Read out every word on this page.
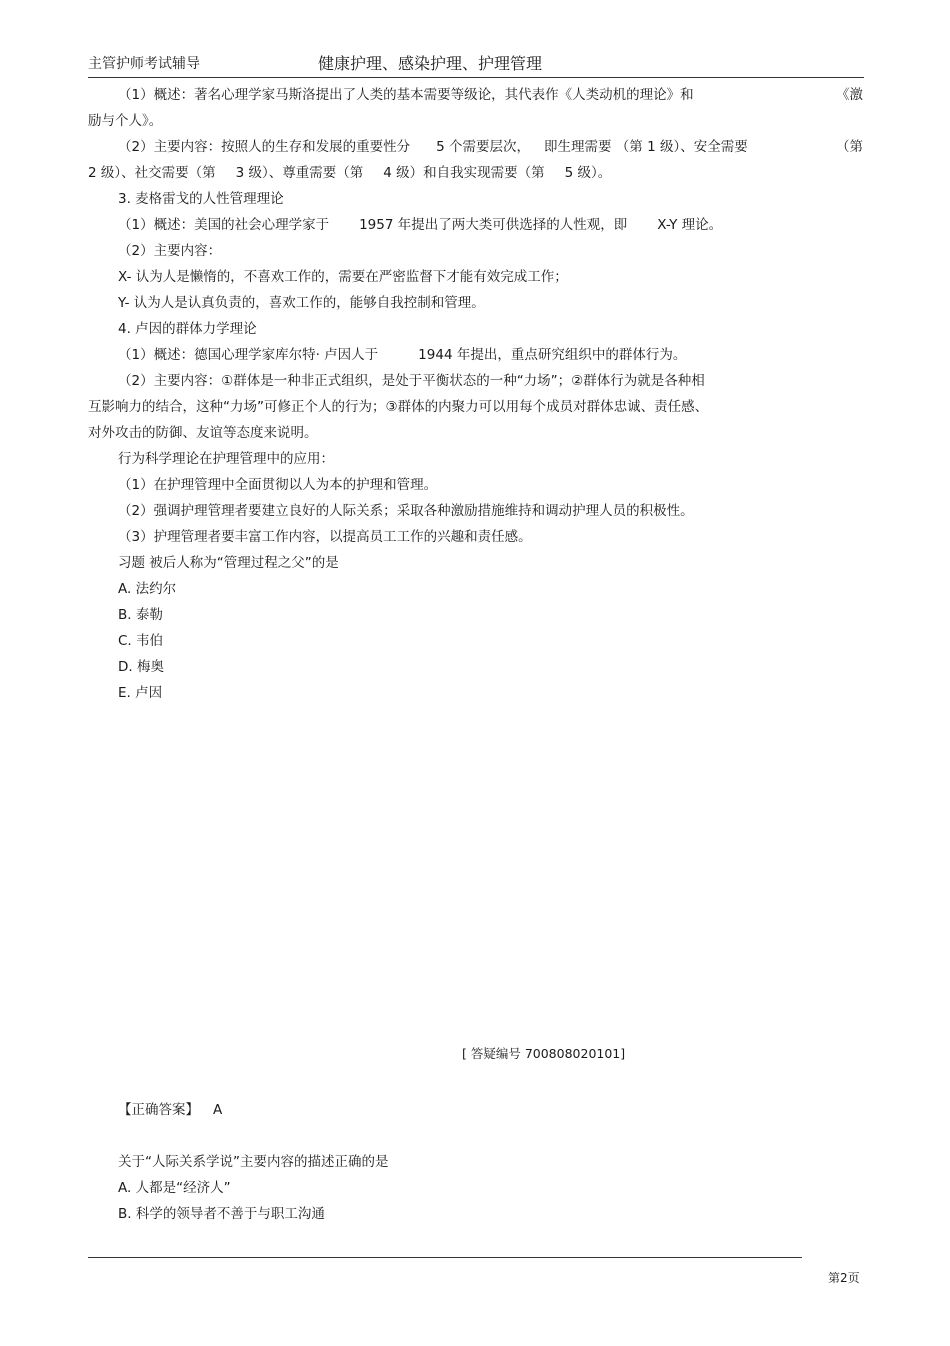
主管护师考试辅导	健康护理、感染护理、护理管理
（1）概述：著名心理学家马斯洛提出了人类的基本需要等级论，其代表作《人类动机的理论》和	《激
励与个人》。
（2）主要内容：按照人的生存和发展的重要性分 5 个需要层次， 即生理需要 （第 1 级）、安全需要	（第
2 级）、社交需要（第 3 级）、尊重需要（第 4 级）和自我实现需要（第 5 级）。
3. 麦格雷戈的人性管理理论
（1）概述：美国的社会心理学家于 1957 年提出了两大类可供选择的人性观，即 X-Y 理论。
（2）主要内容：
X- 认为人是懒惰的，不喜欢工作的，需要在严密监督下才能有效完成工作；
Y- 认为人是认真负责的，喜欢工作的，能够自我控制和管理。
4. 卢因的群体力学理论
（1）概述：德国心理学家库尔特· 卢因人于	1944 年提出，重点研究组织中的群体行为。
（2）主要内容：①群体是一种非正式组织，是处于平衡状态的一种“力场”；②群体行为就是各种相
互影响力的结合，这种“力场”可修正个人的行为；③群体的内聚力可以用每个成员对群体忠诚、责任感、
对外攻击的防御、友谊等态度来说明。
行为科学理论在护理管理中的应用：
（1）在护理管理中全面贯彻以人为本的护理和管理。
（2）强调护理管理者要建立良好的人际关系；采取各种激励措施维持和调动护理人员的积极性。
（3）护理管理者要丰富工作内容，以提高员工工作的兴趣和责任感。
习题 被后人称为“管理过程之父”的是
A. 法约尔
B. 泰勒
C. 韦伯
D. 梅奥
E. 卢因
[ 答疑编号 700808020101]
【正确答案】 A
关于“人际关系学说”主要内容的描述正确的是
A. 人都是“经济人”
B. 科学的领导者不善于与职工沟通
第2页
